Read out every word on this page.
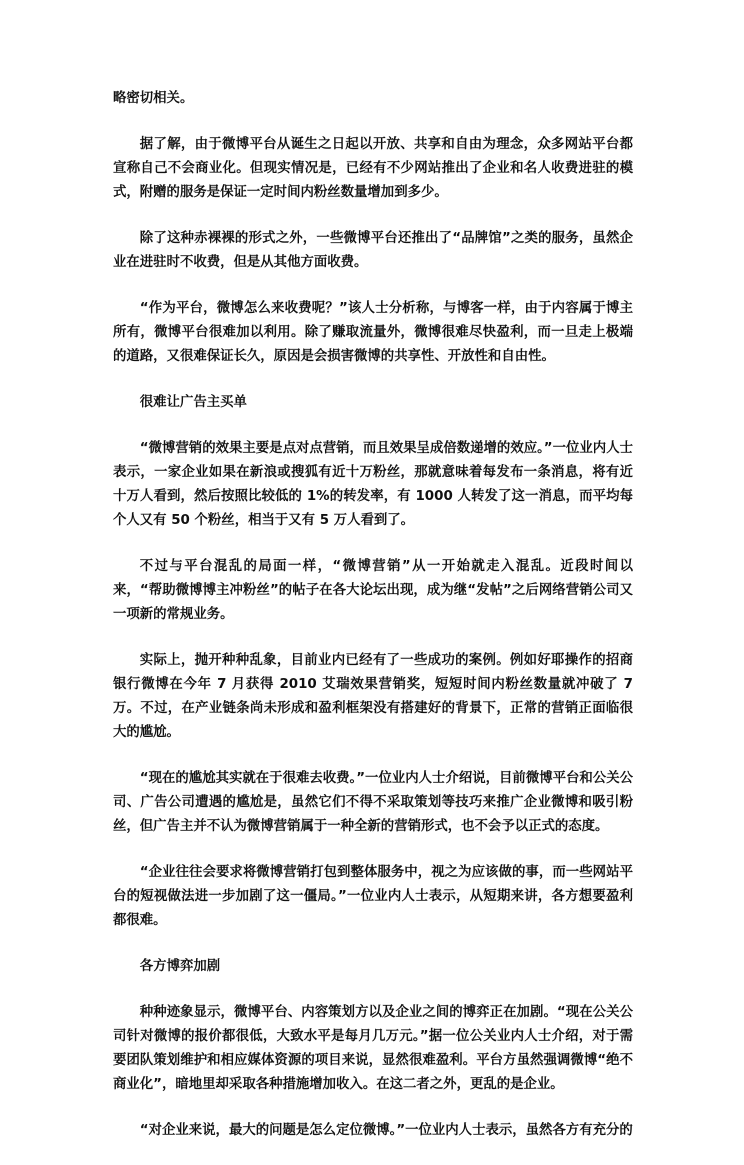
略密切相关。

据了解，由于微博平台从诞生之日起以开放、共享和自由为理念，众多网站平台都宣称自己不会商业化。但现实情况是，已经有不少网站推出了企业和名人收费进驻的模式，附赠的服务是保证一定时间内粉丝数量增加到多少。

除了这种赤裸裸的形式之外，一些微博平台还推出了“品牌馆”之类的服务，虽然企业在进驻时不收费，但是从其他方面收费。

“作为平台，微博怎么来收费呢？”该人士分析称，与博客一样，由于内容属于博主所有，微博平台很难加以利用。除了赚取流量外，微博很难尽快盈利，而一旦走上极端的道路，又很难保证长久，原因是会损害微博的共享性、开放性和自由性。

很难让广告主买单

“微博营销的效果主要是点对点营销，而且效果呈成倍数递增的效应。”一位业内人士表示，一家企业如果在新浪或搜狐有近十万粉丝，那就意味着每发布一条消息，将有近十万人看到，然后按照比较低的 1%的转发率，有 1000 人转发了这一消息，而平均每个人又有 50 个粉丝，相当于又有 5 万人看到了。

不过与平台混乱的局面一样，“微博营销”从一开始就走入混乱。近段时间以来，“帮助微博博主冲粉丝”的帖子在各大论坛出现，成为继“发帖”之后网络营销公司又一项新的常规业务。

实际上，抛开种种乱象，目前业内已经有了一些成功的案例。例如好耶操作的招商银行微博在今年 7 月获得 2010 艾瑞效果营销奖，短短时间内粉丝数量就冲破了 7 万。不过，在产业链条尚未形成和盈利框架没有搭建好的背景下，正常的营销正面临很大的尴尬。

“现在的尴尬其实就在于很难去收费。”一位业内人士介绍说，目前微博平台和公关公司、广告公司遭遇的尴尬是，虽然它们不得不采取策划等技巧来推广企业微博和吸引粉丝，但广告主并不认为微博营销属于一种全新的营销形式，也不会予以正式的态度。

“企业往往会要求将微博营销打包到整体服务中，视之为应该做的事，而一些网站平台的短视做法进一步加剧了这一僵局。”一位业内人士表示，从短期来讲，各方想要盈利都很难。

各方博弈加剧

种种迹象显示，微博平台、内容策划方以及企业之间的博弈正在加剧。“现在公关公司针对微博的报价都很低，大致水平是每月几万元。”据一位公关业内人士介绍，对于需要团队策划维护和相应媒体资源的项目来说，显然很难盈利。平台方虽然强调微博“绝不商业化”，暗地里却采取各种措施增加收入。在这二者之外，更乱的是企业。

“对企业来说，最大的问题是怎么定位微博。”一位业内人士表示，虽然各方有充分的
